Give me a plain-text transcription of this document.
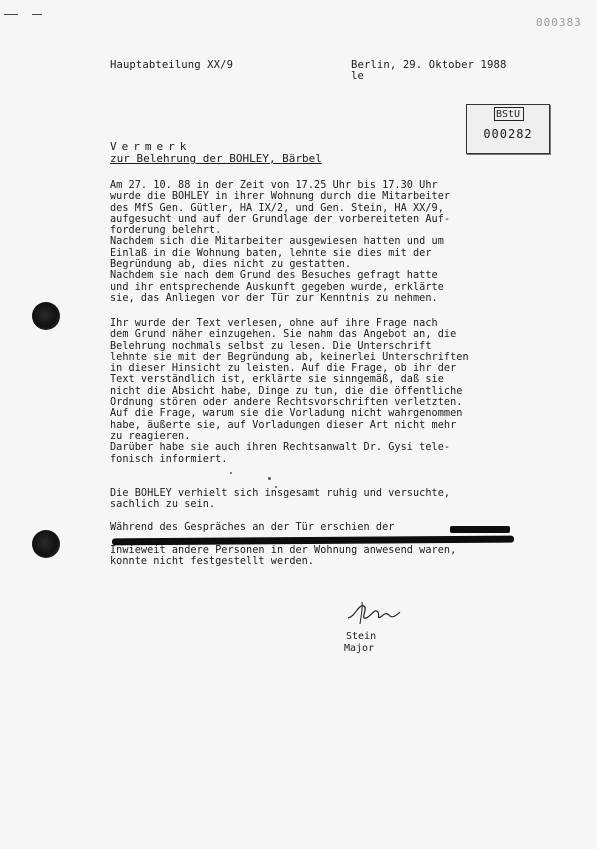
000383
Hauptabteilung XX/9	Berlin, 29. Oktober 1988
le
BStU
000282
Vermerk
zur Belehrung der BOHLEY, Bärbel
Am 27. 10. 88 in der Zeit von 17.25 Uhr bis 17.30 Uhr
wurde die BOHLEY in ihrer Wohnung durch die Mitarbeiter
des MfS Gen. Gütler, HA IX/2, und Gen. Stein, HA XX/9,
aufgesucht und auf der Grundlage der vorbereiteten Auf-
forderung belehrt.
Nachdem sich die Mitarbeiter ausgewiesen hatten und um
Einlaß in die Wohnung baten, lehnte sie dies mit der
Begründung ab, dies nicht zu gestatten.
Nachdem sie nach dem Grund des Besuches gefragt hatte
und ihr entsprechende Auskunft gegeben wurde, erklärte
sie, das Anliegen vor der Tür zur Kenntnis zu nehmen.
Ihr wurde der Text verlesen, ohne auf ihre Frage nach
dem Grund näher einzugehen. Sie nahm das Angebot an, die
Belehrung nochmals selbst zu lesen. Die Unterschrift
lehnte sie mit der Begründung ab, keinerlei Unterschriften
in dieser Hinsicht zu leisten. Auf die Frage, ob ihr der
Text verständlich ist, erklärte sie sinngemäß, daß sie
nicht die Absicht habe, Dinge zu tun, die die öffentliche
Ordnung stören oder andere Rechtsvorschriften verletzten.
Auf die Frage, warum sie die Vorladung nicht wahrgenommen
habe, äußerte sie, auf Vorladungen dieser Art nicht mehr
zu reagieren.
Darüber habe sie auch ihren Rechtsanwalt Dr. Gysi tele-
fonisch informiert.
Die BOHLEY verhielt sich insgesamt ruhig und versuchte,
sachlich zu sein.
Während des Gespräches an der Tür erschien der
Inwieweit andere Personen in der Wohnung anwesend waren,
konnte nicht festgestellt werden.
Stein
Major
